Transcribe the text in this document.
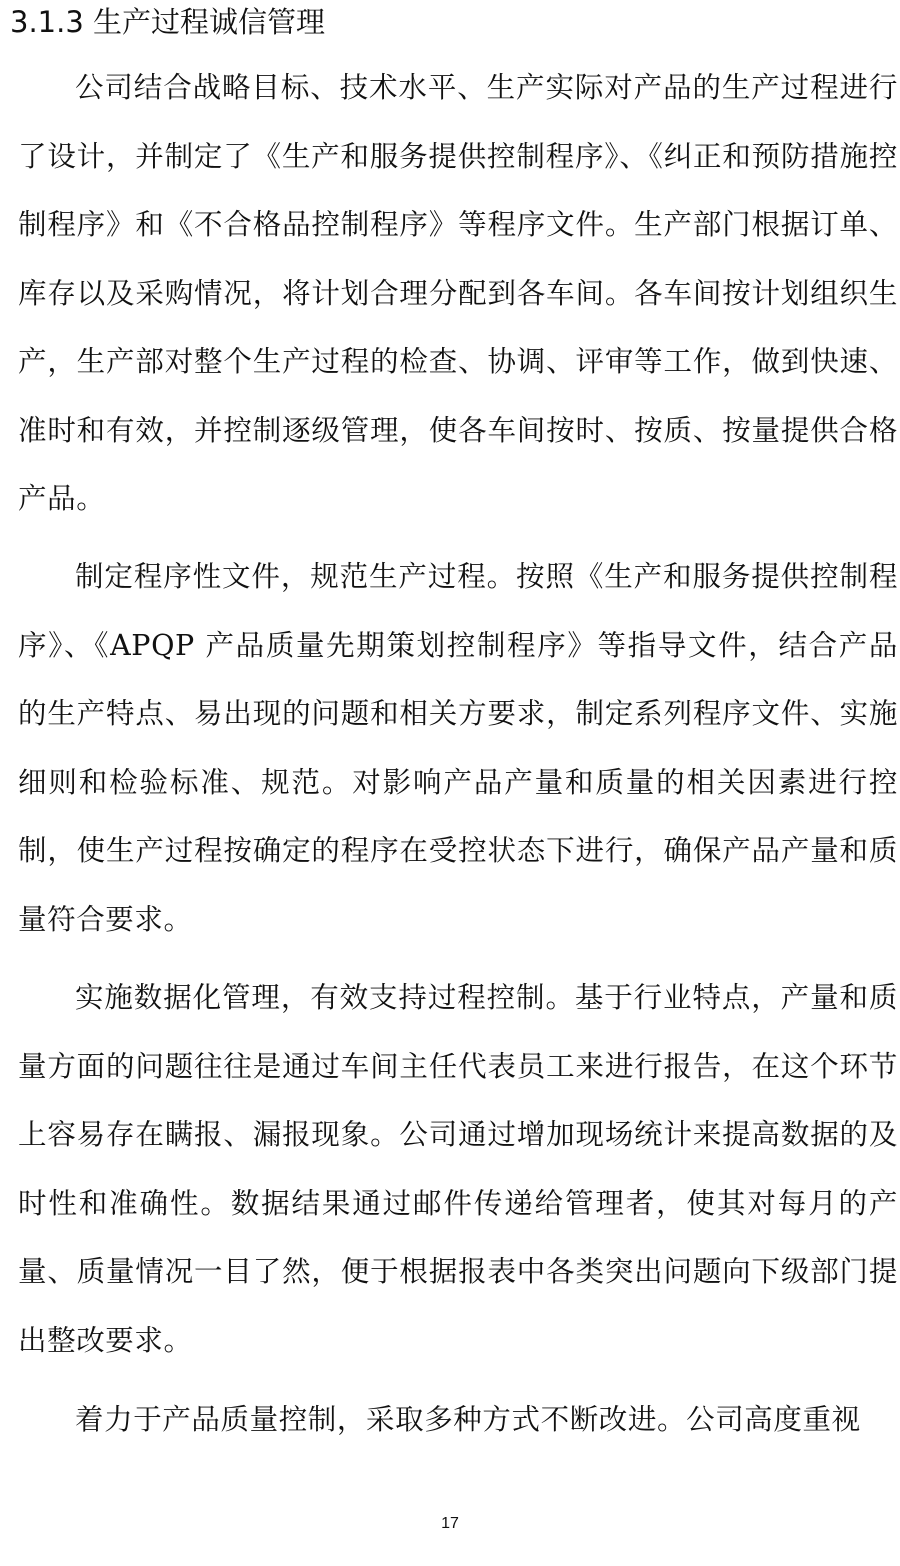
3.1.3 生产过程诚信管理

公司结合战略目标、技术水平、生产实际对产品的生产过程进行了设计，并制定了《生产和服务提供控制程序》、《纠正和预防措施控制程序》和《不合格品控制程序》等程序文件。生产部门根据订单、库存以及采购情况，将计划合理分配到各车间。各车间按计划组织生产，生产部对整个生产过程的检查、协调、评审等工作，做到快速、准时和有效，并控制逐级管理，使各车间按时、按质、按量提供合格产品。

制定程序性文件，规范生产过程。按照《生产和服务提供控制程序》、《APQP 产品质量先期策划控制程序》等指导文件，结合产品的生产特点、易出现的问题和相关方要求，制定系列程序文件、实施细则和检验标准、规范。对影响产品产量和质量的相关因素进行控制，使生产过程按确定的程序在受控状态下进行，确保产品产量和质量符合要求。

实施数据化管理，有效支持过程控制。基于行业特点，产量和质量方面的问题往往是通过车间主任代表员工来进行报告，在这个环节上容易存在瞒报、漏报现象。公司通过增加现场统计来提高数据的及时性和准确性。数据结果通过邮件传递给管理者，使其对每月的产量、质量情况一目了然，便于根据报表中各类突出问题向下级部门提出整改要求。

着力于产品质量控制，采取多种方式不断改进。公司高度重视

17
